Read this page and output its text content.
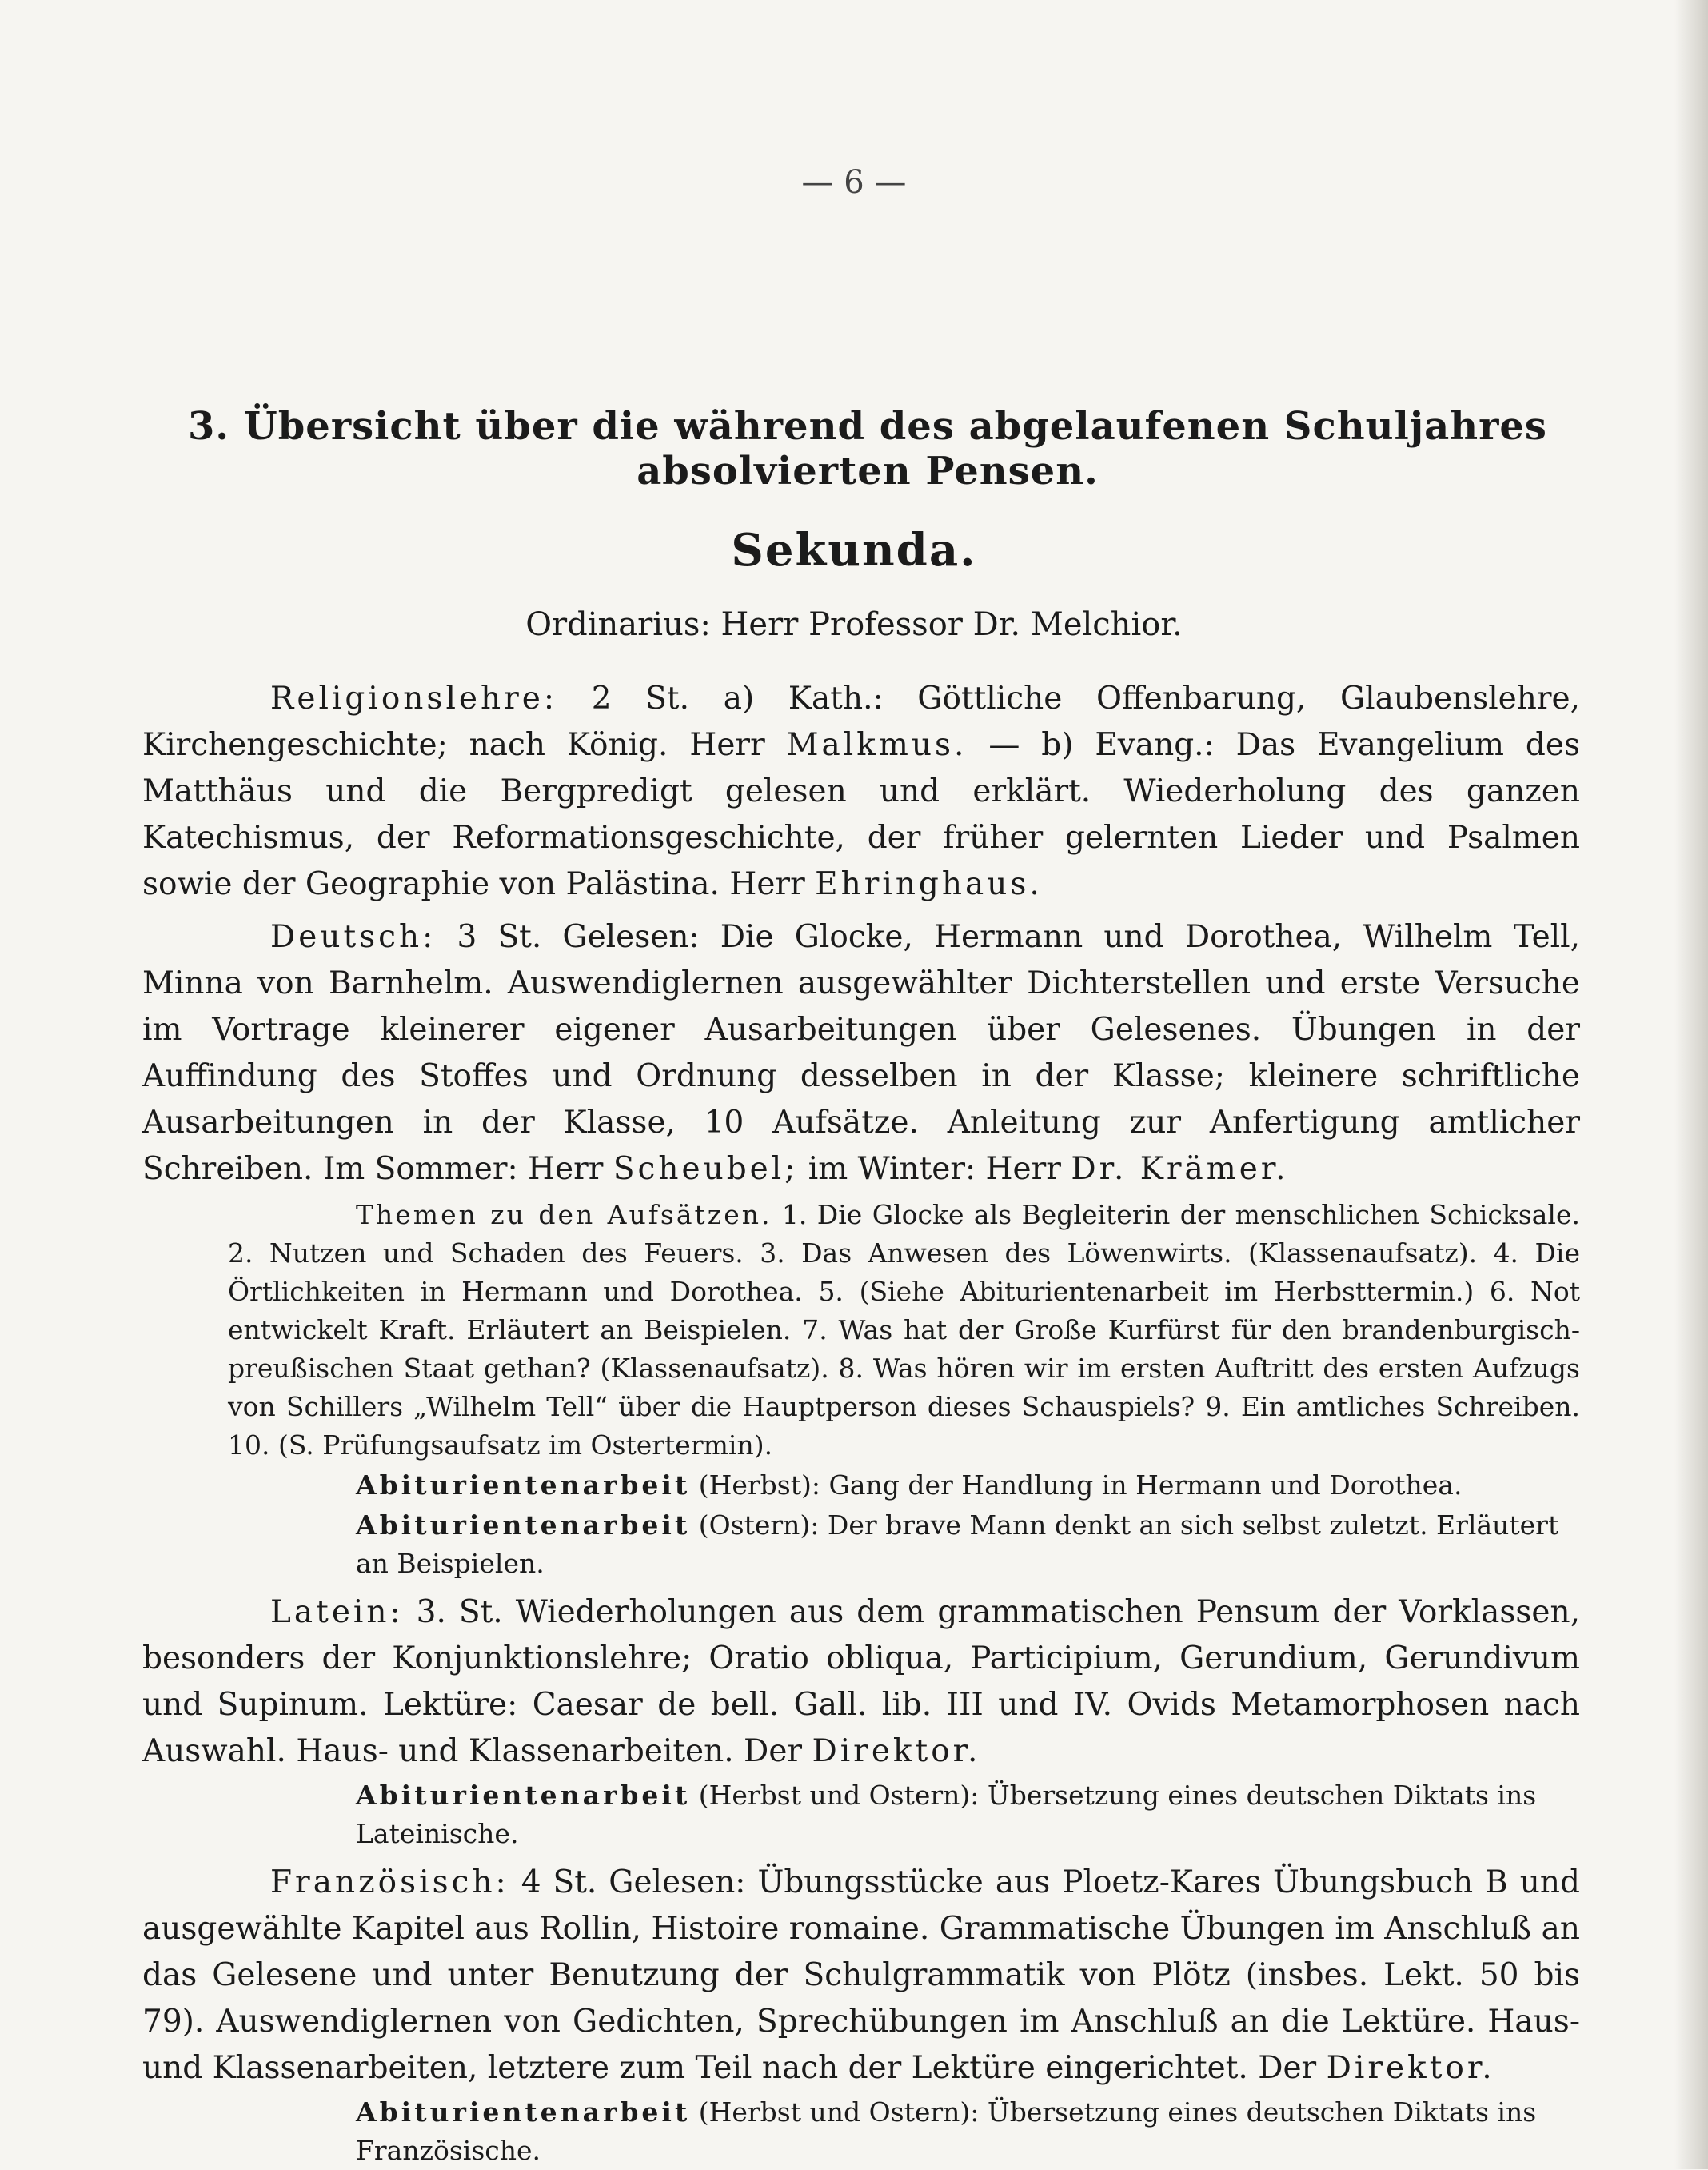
— 6 —
3. Übersicht über die während des abgelaufenen Schuljahres absolvierten Pensen.
Sekunda.
Ordinarius: Herr Professor Dr. Melchior.

Religionslehre: 2 St. a) Kath.: Göttliche Offenbarung, Glaubenslehre, Kirchengeschichte; nach König. Herr Malkmus. — b) Evang.: Das Evangelium des Matthäus und die Bergpredigt gelesen und erklärt. Wiederholung des ganzen Katechismus, der Reformationsgeschichte, der früher gelernten Lieder und Psalmen sowie der Geographie von Palästina. Herr Ehringhaus.

Deutsch: 3 St. Gelesen: Die Glocke, Hermann und Dorothea, Wilhelm Tell, Minna von Barnhelm. Auswendiglernen ausgewählter Dichterstellen und erste Versuche im Vortrage kleinerer eigener Ausarbeitungen über Gelesenes. Übungen in der Auffindung des Stoffes und Ordnung desselben in der Klasse; kleinere schriftliche Ausarbeitungen in der Klasse, 10 Aufsätze. Anleitung zur Anfertigung amtlicher Schreiben. Im Sommer: Herr Scheubel; im Winter: Herr Dr. Krämer.

Themen zu den Aufsätzen. 1. Die Glocke als Begleiterin der menschlichen Schicksale. 2. Nutzen und Schaden des Feuers. 3. Das Anwesen des Löwenwirts. (Klassenaufsatz). 4. Die Örtlichkeiten in Hermann und Dorothea. 5. (Siehe Abiturientenarbeit im Herbsttermin.) 6. Not entwickelt Kraft. Erläutert an Beispielen. 7. Was hat der Große Kurfürst für den brandenburgisch-preußischen Staat gethan? (Klassenaufsatz). 8. Was hören wir im ersten Auftritt des ersten Aufzugs von Schillers „Wilhelm Tell“ über die Hauptperson dieses Schauspiels? 9. Ein amtliches Schreiben. 10. (S. Prüfungsaufsatz im Ostertermin).

Abiturientenarbeit (Herbst): Gang der Handlung in Hermann und Dorothea.

Abiturientenarbeit (Ostern): Der brave Mann denkt an sich selbst zuletzt. Erläutert an Beispielen.

Latein: 3. St. Wiederholungen aus dem grammatischen Pensum der Vorklassen, besonders der Konjunktionslehre; Oratio obliqua, Participium, Gerundium, Gerundivum und Supinum. Lektüre: Caesar de bell. Gall. lib. III und IV. Ovids Metamorphosen nach Auswahl. Haus- und Klassenarbeiten. Der Direktor.

Abiturientenarbeit (Herbst und Ostern): Übersetzung eines deutschen Diktats ins Lateinische.

Französisch: 4 St. Gelesen: Übungsstücke aus Ploetz-Kares Übungsbuch B und ausgewählte Kapitel aus Rollin, Histoire romaine. Grammatische Übungen im Anschluß an das Gelesene und unter Benutzung der Schulgrammatik von Plötz (insbes. Lekt. 50 bis 79). Auswendiglernen von Gedichten, Sprechübungen im Anschluß an die Lektüre. Haus- und Klassenarbeiten, letztere zum Teil nach der Lektüre eingerichtet. Der Direktor.

Abiturientenarbeit (Herbst und Ostern): Übersetzung eines deutschen Diktats ins Französische.
